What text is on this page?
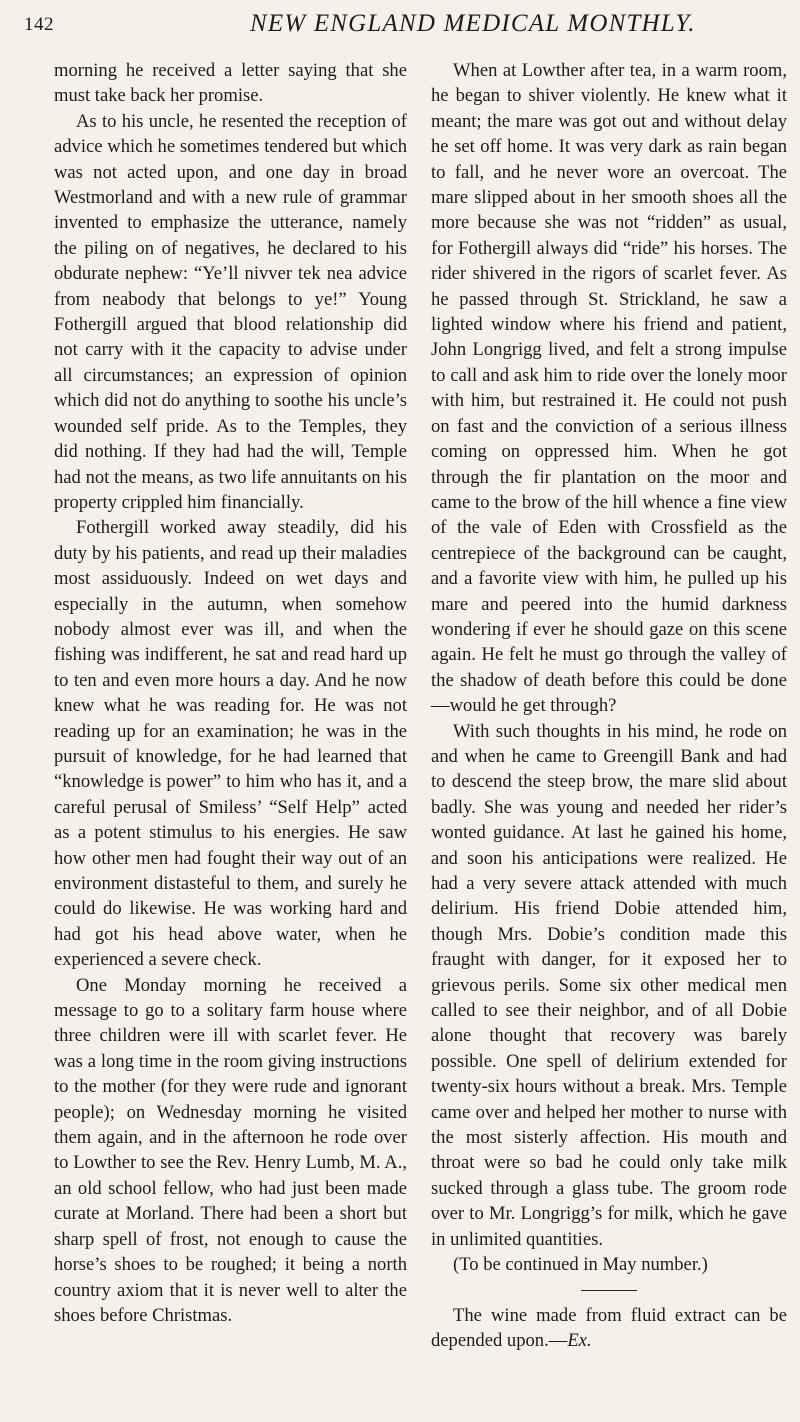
142	NEW ENGLAND MEDICAL MONTHLY.

morning he received a letter saying that she must take back her promise.

As to his uncle, he resented the reception of advice which he sometimes tendered but which was not acted upon, and one day in broad Westmorland and with a new rule of grammar invented to emphasize the utterance, namely the piling on of negatives, he declared to his obdurate nephew: “Ye’ll nivver tek nea advice from neabody that belongs to ye!” Young Fothergill argued that blood relationship did not carry with it the capacity to advise under all circumstances; an expression of opinion which did not do anything to soothe his uncle’s wounded self pride. As to the Temples, they did nothing. If they had had the will, Temple had not the means, as two life annuitants on his property crippled him financially.

Fothergill worked away steadily, did his duty by his patients, and read up their maladies most assiduously. Indeed on wet days and especially in the autumn, when somehow nobody almost ever was ill, and when the fishing was indifferent, he sat and read hard up to ten and even more hours a day. And he now knew what he was reading for. He was not reading up for an examination; he was in the pursuit of knowledge, for he had learned that “knowledge is power” to him who has it, and a careful perusal of Smiless’ “Self Help” acted as a potent stimulus to his energies. He saw how other men had fought their way out of an environment distasteful to them, and surely he could do likewise. He was working hard and had got his head above water, when he experienced a severe check.

One Monday morning he received a message to go to a solitary farm house where three children were ill with scarlet fever. He was a long time in the room giving instructions to the mother (for they were rude and ignorant people); on Wednesday morning he visited them again, and in the afternoon he rode over to Lowther to see the Rev. Henry Lumb, M. A., an old school fellow, who had just been made curate at Morland. There had been a short but sharp spell of frost, not enough to cause the horse’s shoes to be roughed; it being a north country axiom that it is never well to alter the shoes before Christmas.

When at Lowther after tea, in a warm room, he began to shiver violently. He knew what it meant; the mare was got out and without delay he set off home. It was very dark as rain began to fall, and he never wore an overcoat. The mare slipped about in her smooth shoes all the more because she was not “ridden” as usual, for Fothergill always did “ride” his horses. The rider shivered in the rigors of scarlet fever. As he passed through St. Strickland, he saw a lighted window where his friend and patient, John Longrigg lived, and felt a strong impulse to call and ask him to ride over the lonely moor with him, but restrained it. He could not push on fast and the conviction of a serious illness coming on oppressed him. When he got through the fir plantation on the moor and came to the brow of the hill whence a fine view of the vale of Eden with Crossfield as the centrepiece of the background can be caught, and a favorite view with him, he pulled up his mare and peered into the humid darkness wondering if ever he should gaze on this scene again. He felt he must go through the valley of the shadow of death before this could be done—would he get through?

With such thoughts in his mind, he rode on and when he came to Greengill Bank and had to descend the steep brow, the mare slid about badly. She was young and needed her rider’s wonted guidance. At last he gained his home, and soon his anticipations were realized. He had a very severe attack attended with much delirium. His friend Dobie attended him, though Mrs. Dobie’s condition made this fraught with danger, for it exposed her to grievous perils. Some six other medical men called to see their neighbor, and of all Dobie alone thought that recovery was barely possible. One spell of delirium extended for twenty-six hours without a break. Mrs. Temple came over and helped her mother to nurse with the most sisterly affection. His mouth and throat were so bad he could only take milk sucked through a glass tube. The groom rode over to Mr. Longrigg’s for milk, which he gave in unlimited quantities.

(To be continued in May number.)

The wine made from fluid extract can be depended upon.—Ex.
